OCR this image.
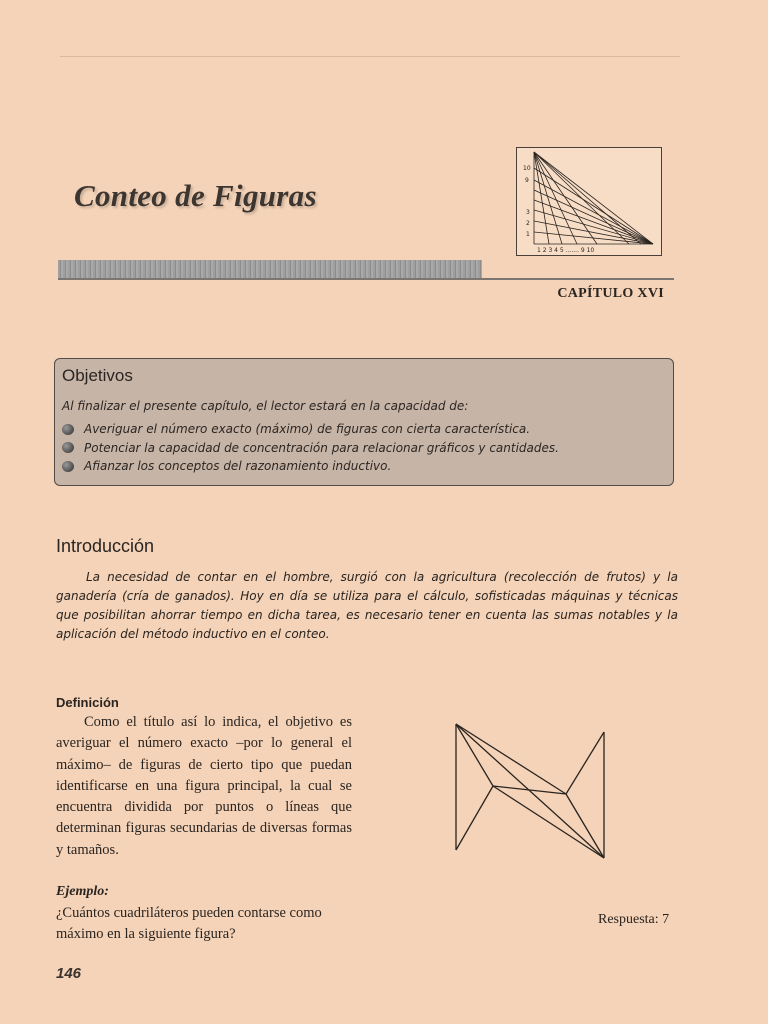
Conteo de Figuras
10
9
3
2
1
1 2 3 4 5 ....... 9 10
CAPÍTULO XVI
Objetivos
Al finalizar el presente capítulo, el lector estará en la capacidad de:
Averiguar el número exacto (máximo) de figuras con cierta característica.
Potenciar la capacidad de concentración para relacionar gráficos y cantidades.
Afianzar los conceptos del razonamiento inductivo.
Introducción

La necesidad de contar en el hombre, surgió con la agricultura (recolección de frutos) y la ganadería (cría de ganados). Hoy en día se utiliza para el cálculo, sofisticadas máquinas y técnicas que posibilitan ahorrar tiempo en dicha tarea, es necesario tener en cuenta las sumas notables y la aplicación del método inductivo en el conteo.

Definición

Como el título así lo indica, el objetivo es averiguar el número exacto –por lo general el máximo– de figuras de cierto tipo que puedan identificarse en una figura principal, la cual se encuentra dividida por puntos o líneas que determinan figuras secundarias de diversas formas y tamaños.

Ejemplo:

¿Cuántos cuadriláteros pueden contarse como máximo en la siguiente figura?

Respuesta: 7
146
